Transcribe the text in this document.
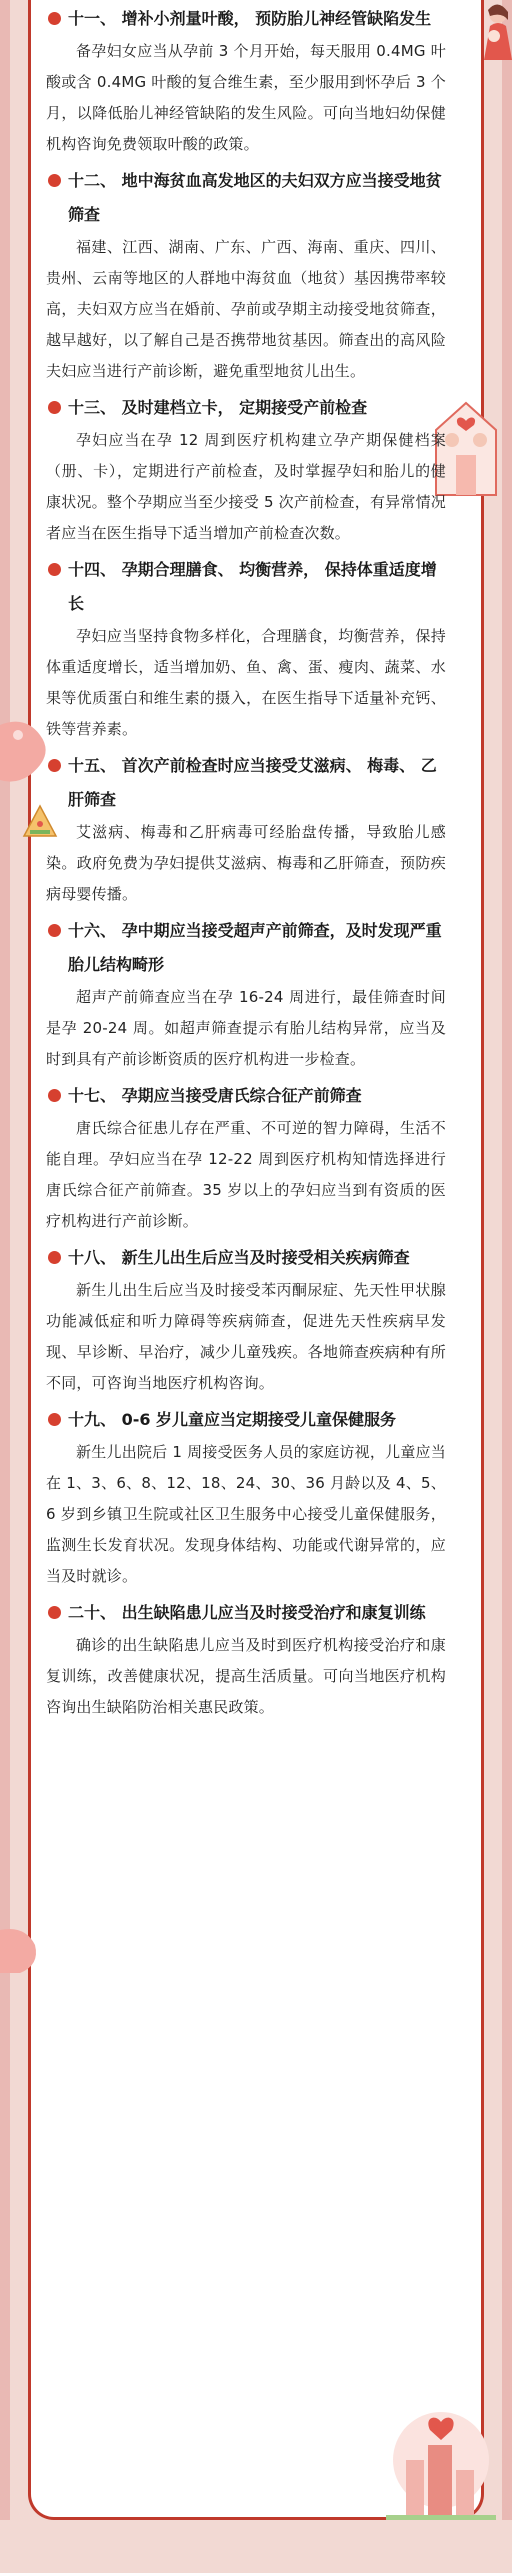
十一、 增补小剂量叶酸， 预防胎儿神经管缺陷发生

备孕妇女应当从孕前 3 个月开始，每天服用 0.4MG 叶酸或含 0.4MG 叶酸的复合维生素，至少服用到怀孕后 3 个月，以降低胎儿神经管缺陷的发生风险。可向当地妇幼保健机构咨询免费领取叶酸的政策。

十二、 地中海贫血高发地区的夫妇双方应当接受地贫筛查

福建、江西、湖南、广东、广西、海南、重庆、四川、贵州、云南等地区的人群地中海贫血（地贫）基因携带率较高，夫妇双方应当在婚前、孕前或孕期主动接受地贫筛查，越早越好，以了解自己是否携带地贫基因。筛查出的高风险夫妇应当进行产前诊断，避免重型地贫儿出生。

十三、 及时建档立卡， 定期接受产前检查

孕妇应当在孕 12 周到医疗机构建立孕产期保健档案（册、卡），定期进行产前检查，及时掌握孕妇和胎儿的健康状况。整个孕期应当至少接受 5 次产前检查，有异常情况者应当在医生指导下适当增加产前检查次数。

十四、 孕期合理膳食、 均衡营养， 保持体重适度增长

孕妇应当坚持食物多样化，合理膳食，均衡营养，保持体重适度增长，适当增加奶、鱼、禽、蛋、瘦肉、蔬菜、水果等优质蛋白和维生素的摄入，在医生指导下适量补充钙、铁等营养素。

十五、 首次产前检查时应当接受艾滋病、 梅毒、 乙肝筛查

艾滋病、梅毒和乙肝病毒可经胎盘传播，导致胎儿感染。政府免费为孕妇提供艾滋病、梅毒和乙肝筛查，预防疾病母婴传播。

十六、 孕中期应当接受超声产前筛查，及时发现严重胎儿结构畸形

超声产前筛查应当在孕 16-24 周进行，最佳筛查时间是孕 20-24 周。如超声筛查提示有胎儿结构异常，应当及时到具有产前诊断资质的医疗机构进一步检查。

十七、 孕期应当接受唐氏综合征产前筛查

唐氏综合征患儿存在严重、不可逆的智力障碍，生活不能自理。孕妇应当在孕 12-22 周到医疗机构知情选择进行唐氏综合征产前筛查。35 岁以上的孕妇应当到有资质的医疗机构进行产前诊断。

十八、 新生儿出生后应当及时接受相关疾病筛查

新生儿出生后应当及时接受苯丙酮尿症、先天性甲状腺功能减低症和听力障碍等疾病筛查，促进先天性疾病早发现、早诊断、早治疗，减少儿童残疾。各地筛查疾病种有所不同，可咨询当地医疗机构咨询。

十九、 0-6 岁儿童应当定期接受儿童保健服务

新生儿出院后 1 周接受医务人员的家庭访视，儿童应当在 1、3、6、8、12、18、24、30、36 月龄以及 4、5、6 岁到乡镇卫生院或社区卫生服务中心接受儿童保健服务，监测生长发育状况。发现身体结构、功能或代谢异常的，应当及时就诊。

二十、 出生缺陷患儿应当及时接受治疗和康复训练

确诊的出生缺陷患儿应当及时到医疗机构接受治疗和康复训练，改善健康状况，提高生活质量。可向当地医疗机构咨询出生缺陷防治相关惠民政策。
